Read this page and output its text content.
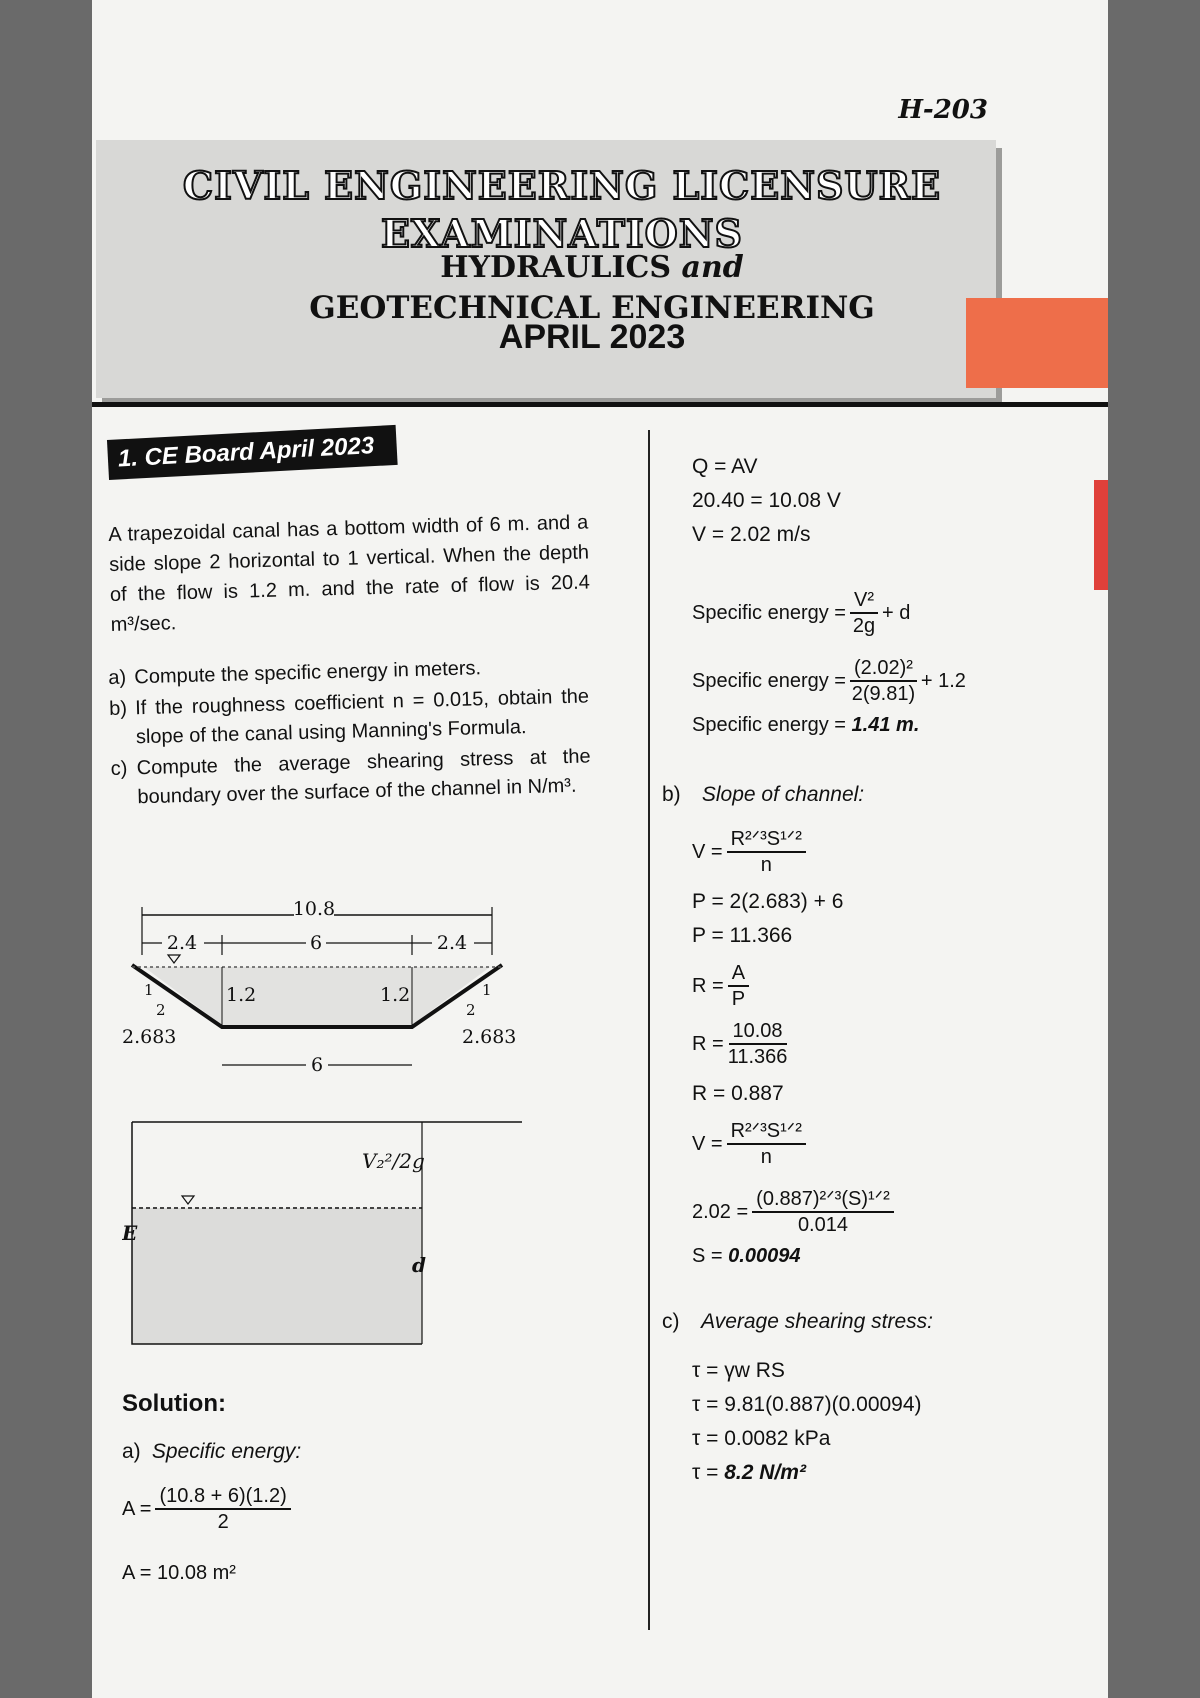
H-203
CIVIL ENGINEERING LICENSURE
EXAMINATIONS
HYDRAULICS and
GEOTECHNICAL ENGINEERING
APRIL 2023
1. CE Board April 2023
A trapezoidal canal has a bottom width of 6 m. and a side slope 2 horizontal to 1 vertical. When the depth of the flow is 1.2 m. and the rate of flow is 20.4 m³/sec.
a) Compute the specific energy in meters.
b) If the roughness coefficient n = 0.015, obtain the slope of the canal using Manning's Formula.
c) Compute the average shearing stress at the boundary over the surface of the channel in N/m³.
10.8
2.4	6	2.4
1.2	1.2
1
2
1
2
2.683	2.683
6
V₂²/2g
E
d
Solution:
a) Specific energy:
$A = \frac{(10.8 + 6)(1.2)}{2}$
A = 10.08 m²
Q = AV
20.40 = 10.08 V
V = 2.02 m/s
Specific energy = $\frac{\text{V²}}{2g} + d$
Specific energy = $\frac{\text{(2.02)²}}{2(9.81)} + 1.2$
Specific energy =
1.41 m.
b) Slope of channel:
$V = \frac{\text{R²ᐟ³S¹ᐟ²}}{n}$
P = 2(2.683) + 6
P = 11.366
$R = \frac{A}{P}$
$R = \frac{10.08}{11.366}$
R = 0.887
$V = \frac{\text{R²ᐟ³S¹ᐟ²}}{n}$
$2.02 = \frac{\text{(0.887)²ᐟ³(S)¹ᐟ²}}{0.014}$
S =
0.00094
c) Average shearing stress:
τ = γw RS
τ = 9.81(0.887)(0.00094)
τ = 0.0082 kPa
τ = 8.2 N/m²
